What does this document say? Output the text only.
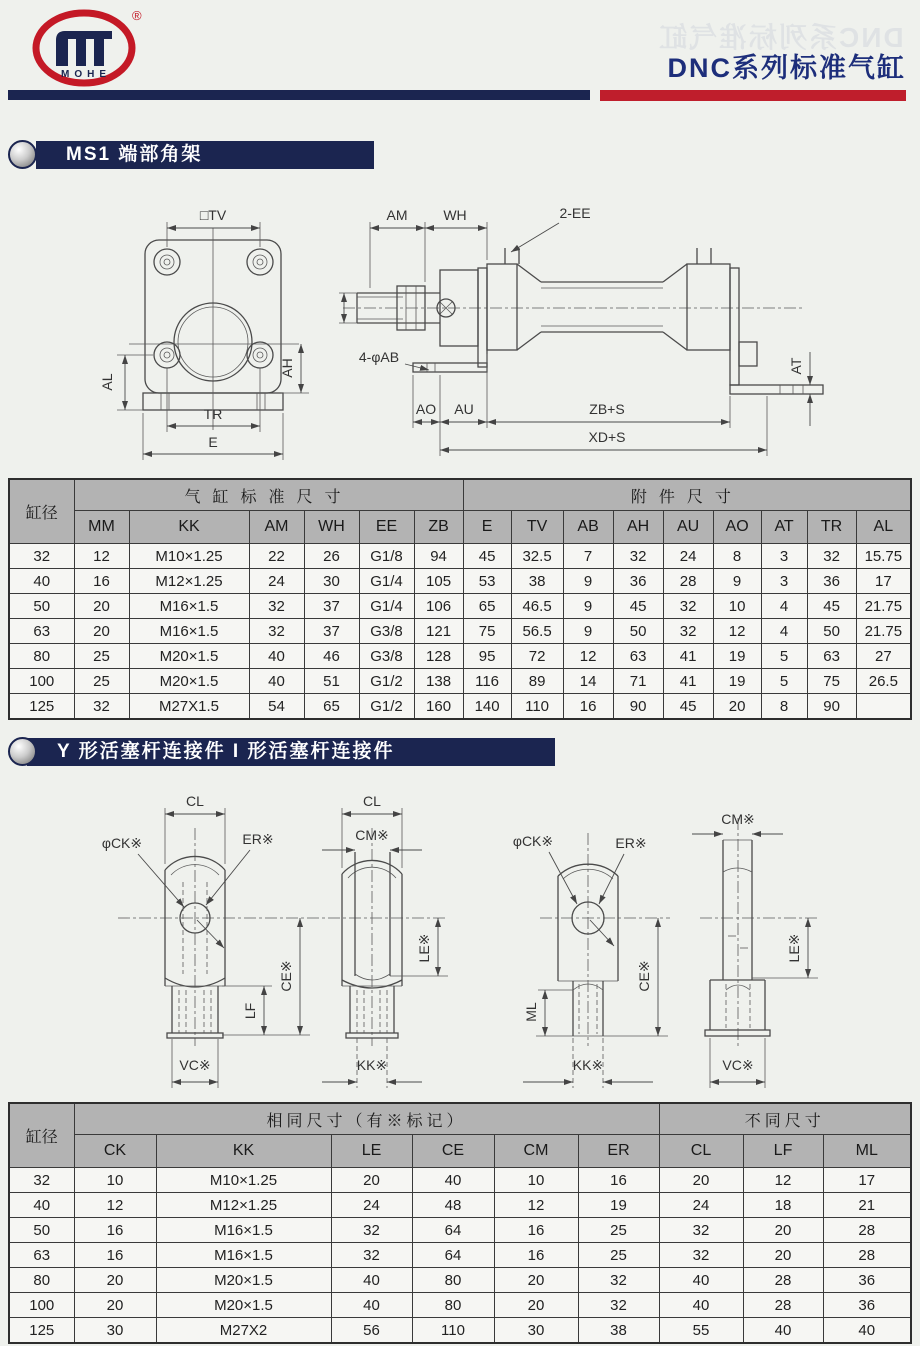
MOHE
®
DNC系列标准气缸
DNC系列标准气缸
MS1 端部角架
□TV
AH
AL
TR
E
AM	WH	2-EE
4-φAB
AO AU	ZB+S
XD+S
AT
缸径	气缸标准尺寸						附件尺寸								
	MM	KK	AM	WH	EE	ZB	E	TV	AB	AH	AU	AO	AT	TR	AL
32	12	M10×1.25	22	26	G1/8	94	45	32.5	7	32	24	8	3	32	15.75
40	16	M12×1.25	24	30	G1/4	105	53	38	9	36	28	9	3	36	17
50	20	M16×1.5	32	37	G1/4	106	65	46.5	9	45	32	10	4	45	21.75
63	20	M16×1.5	32	37	G3/8	121	75	56.5	9	50	32	12	4	50	21.75
80	25	M20×1.5	40	46	G3/8	128	95	72	12	63	41	19	5	63	27
100	25	M20×1.5	40	51	G1/2	138	116	89	14	71	41	19	5	75	26.5
125	32	M27X1.5	54	65	G1/2	160	140	110	16	90	45	20	8	90	
Y 形活塞杆连接件 I 形活塞杆连接件
CL
φCK※	ER※
CE※
LF
VC※
CL
CM※
LE※
KK※
φCK※	ER※
ML
CE※
KK※
CM※
LE※
VC※
缸径	相同尺寸（有※标记）						不同尺寸		
	CK	KK	LE	CE	CM	ER	CL	LF	ML
32	10	M10×1.25	20	40	10	16	20	12	17
40	12	M12×1.25	24	48	12	19	24	18	21
50	16	M16×1.5	32	64	16	25	32	20	28
63	16	M16×1.5	32	64	16	25	32	20	28
80	20	M20×1.5	40	80	20	32	40	28	36
100	20	M20×1.5	40	80	20	32	40	28	36
125	30	M27X2	56	110	30	38	55	40	40
